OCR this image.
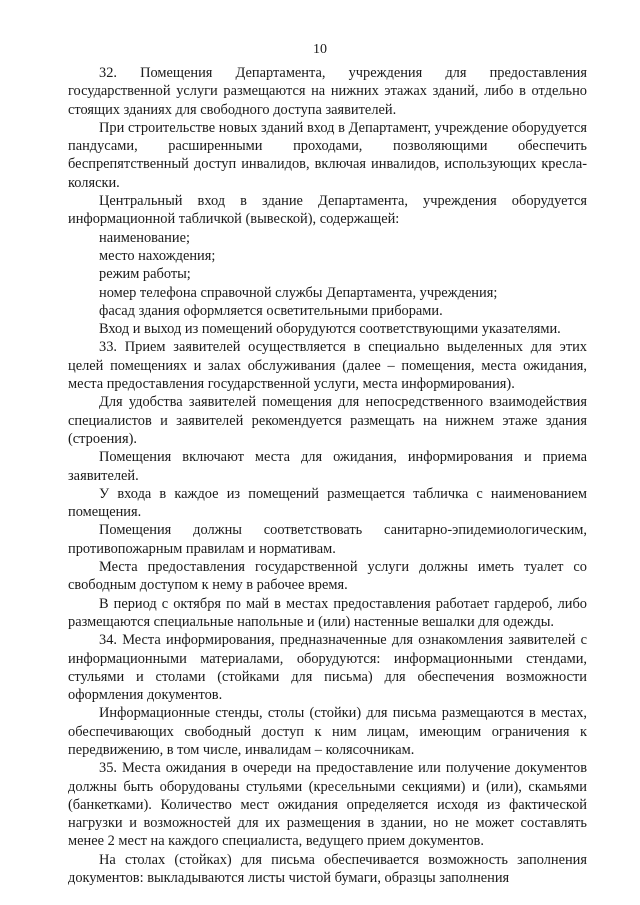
10

32. Помещения Департамента, учреждения для предоставления государственной услуги размещаются на нижних этажах зданий, либо в отдельно стоящих зданиях для свободного доступа заявителей.

При строительстве новых зданий вход в Департамент, учреждение оборудуется пандусами, расширенными проходами, позволяющими обеспечить беспрепятственный доступ инвалидов, включая инвалидов, использующих кресла-коляски.

Центральный вход в здание Департамента, учреждения оборудуется информационной табличкой (вывеской), содержащей:

наименование;

место нахождения;

режим работы;

номер телефона справочной службы Департамента, учреждения;

фасад здания оформляется осветительными приборами.

Вход и выход из помещений оборудуются соответствующими указателями.

33. Прием заявителей осуществляется в специально выделенных для этих целей помещениях и залах обслуживания (далее – помещения, места ожидания, места предоставления государственной услуги, места информирования).

Для удобства заявителей помещения для непосредственного взаимодействия специалистов и заявителей рекомендуется размещать на нижнем этаже здания (строения).

Помещения включают места для ожидания, информирования и приема заявителей.

У входа в каждое из помещений размещается табличка с наименованием помещения.

Помещения должны соответствовать санитарно-эпидемиологическим, противопожарным правилам и нормативам.

Места предоставления государственной услуги должны иметь туалет со свободным доступом к нему в рабочее время.

В период с октября по май в местах предоставления работает гардероб, либо размещаются специальные напольные и (или) настенные вешалки для одежды.

34. Места информирования, предназначенные для ознакомления заявителей с информационными материалами, оборудуются: информационными стендами, стульями и столами (стойками для письма) для обеспечения возможности оформления документов.

Информационные стенды, столы (стойки) для письма размещаются в местах, обеспечивающих свободный доступ к ним лицам, имеющим ограничения к передвижению, в том числе, инвалидам – колясочникам.

35. Места ожидания в очереди на предоставление или получение документов должны быть оборудованы стульями (кресельными секциями) и (или), скамьями (банкетками). Количество мест ожидания определяется исходя из фактической нагрузки и возможностей для их размещения в здании, но не может составлять менее 2 мест на каждого специалиста, ведущего прием документов.

На столах (стойках) для письма обеспечивается возможность заполнения документов: выкладываются листы чистой бумаги, образцы заполнения
